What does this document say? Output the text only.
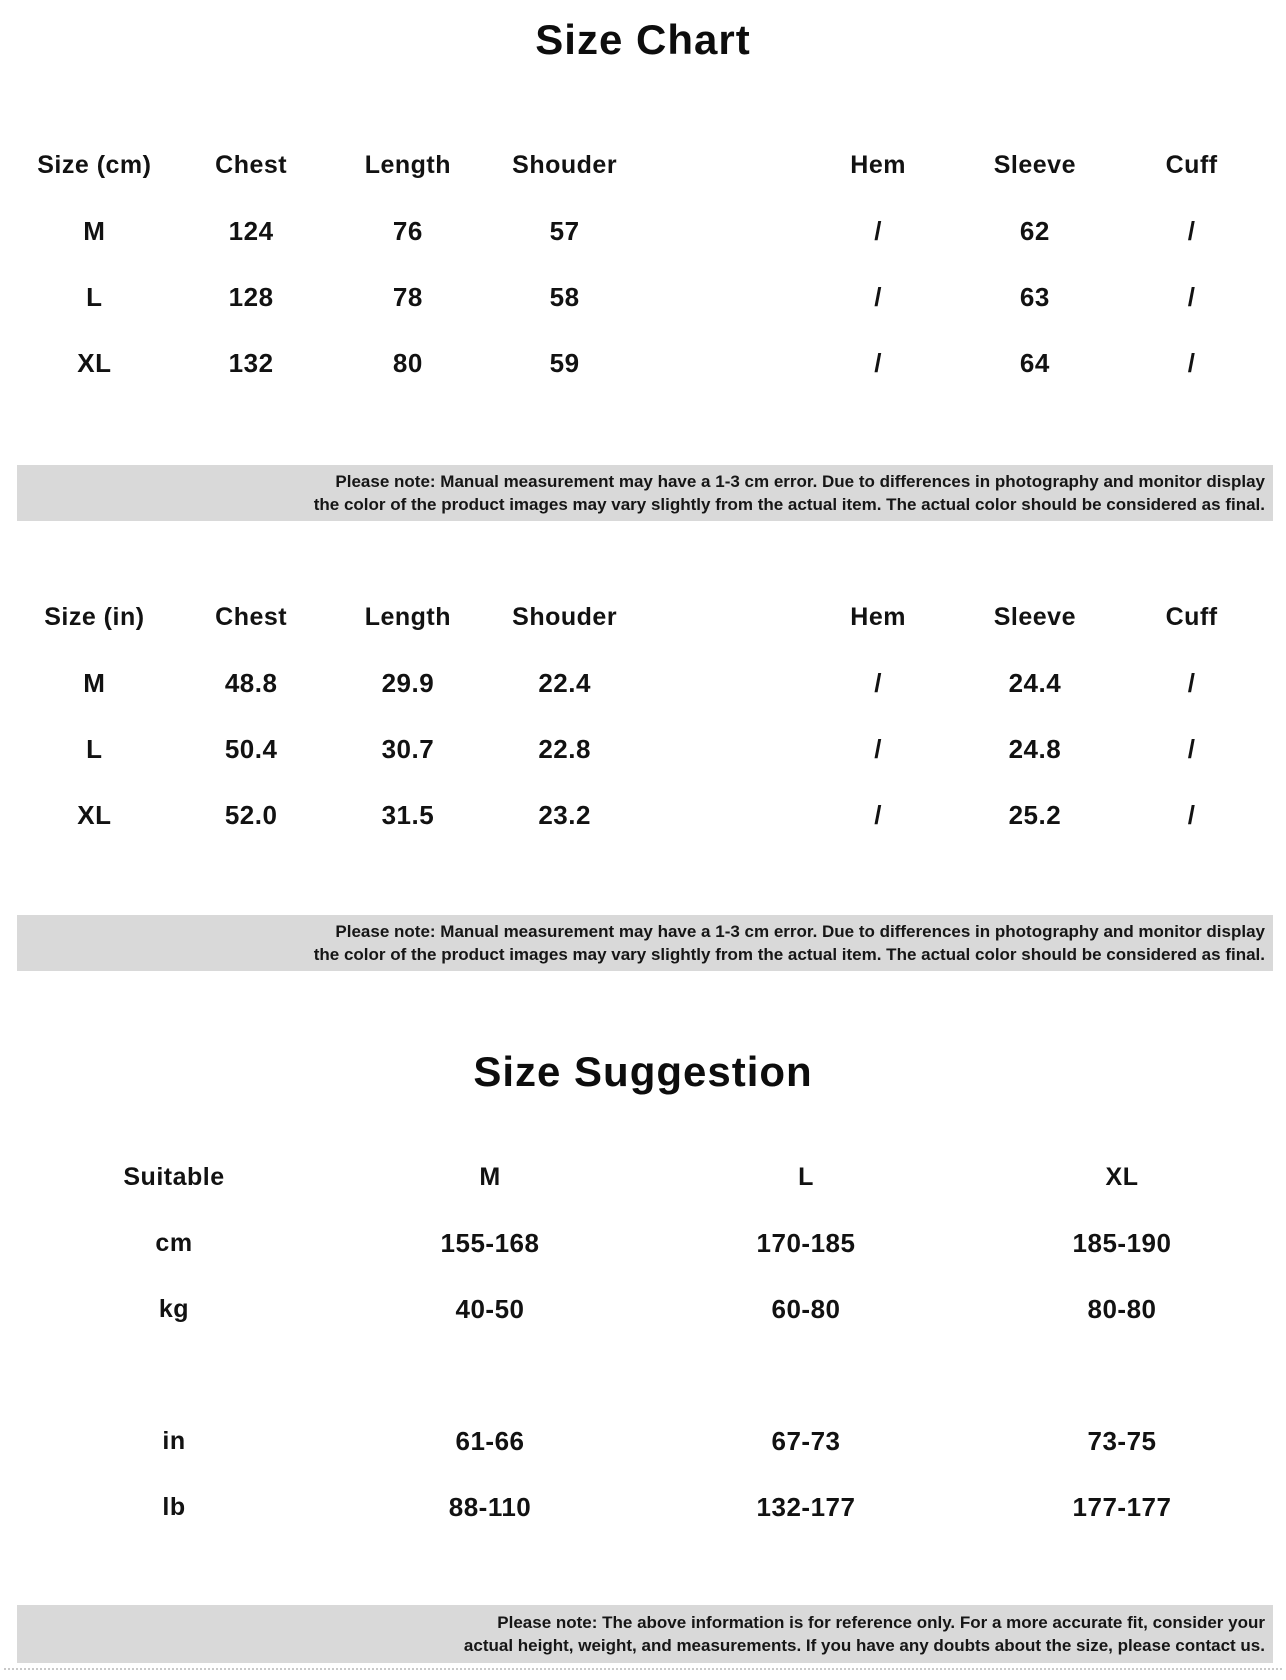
Size Chart
Size (cm)	Chest	Length	Shouder	Hem	Sleeve	Cuff
M	124	76	57	/	62	/
L	128	78	58	/	63	/
XL	132	80	59	/	64	/
Please note: Manual measurement may have a 1-3 cm error. Due to differences in photography and monitor display
the color of the product images may vary slightly from the actual item. The actual color should be considered as final.
Size (in)	Chest	Length	Shouder	Hem	Sleeve	Cuff
M	48.8	29.9	22.4	/	24.4	/
L	50.4	30.7	22.8	/	24.8	/
XL	52.0	31.5	23.2	/	25.2	/
Please note: Manual measurement may have a 1-3 cm error. Due to differences in photography and monitor display
the color of the product images may vary slightly from the actual item. The actual color should be considered as final.
Size Suggestion
Suitable	M	L	XL
cm	155-168	170-185	185-190
kg	40-50	60-80	80-80
in	61-66	67-73	73-75
lb	88-110	132-177	177-177
Please note: The above information is for reference only. For a more accurate fit, consider your
actual height, weight, and measurements. If you have any doubts about the size, please contact us.
